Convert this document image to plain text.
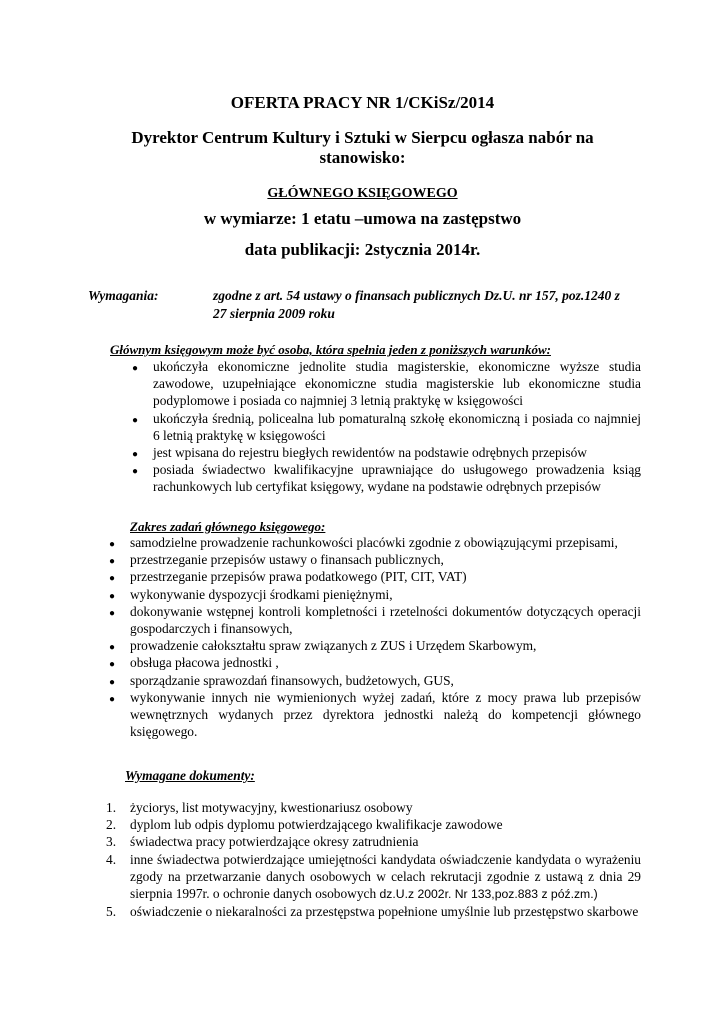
OFERTA PRACY NR 1/CKiSz/2014
Dyrektor Centrum Kultury i Sztuki w Sierpcu ogłasza nabór na
stanowisko:
GŁÓWNEGO KSIĘGOWEGO
w wymiarze: 1 etatu –umowa na zastępstwo
data publikacji: 2stycznia 2014r.
Wymagania:	zgodne z art. 54 ustawy o finansach publicznych Dz.U. nr 157, poz.1240 z 27 sierpnia 2009 roku
Głównym księgowym może być osoba, która spełnia jeden z poniższych warunków:
● ukończyła ekonomiczne jednolite studia magisterskie, ekonomiczne wyższe studia zawodowe, uzupełniające ekonomiczne studia magisterskie lub ekonomiczne studia podyplomowe i posiada co najmniej 3 letnią praktykę w księgowości
● ukończyła średnią, policealna lub pomaturalną szkołę ekonomiczną i posiada co najmniej 6 letnią praktykę w księgowości
● jest wpisana do rejestru biegłych rewidentów na podstawie odrębnych przepisów
● posiada świadectwo kwalifikacyjne uprawniające do usługowego prowadzenia ksiąg rachunkowych lub certyfikat księgowy, wydane na podstawie odrębnych przepisów
Zakres zadań głównego księgowego:
● samodzielne prowadzenie rachunkowości placówki zgodnie z obowiązującymi przepisami,
● przestrzeganie przepisów ustawy o finansach publicznych,
● przestrzeganie przepisów prawa podatkowego (PIT, CIT, VAT)
● wykonywanie dyspozycji środkami pieniężnymi,
● dokonywanie wstępnej kontroli kompletności i rzetelności dokumentów dotyczących operacji gospodarczych i finansowych,
● prowadzenie całokształtu spraw związanych z ZUS i Urzędem Skarbowym,
● obsługa płacowa jednostki ,
● sporządzanie sprawozdań finansowych, budżetowych, GUS,
● wykonywanie innych nie wymienionych wyżej zadań, które z mocy prawa lub przepisów wewnętrznych wydanych przez dyrektora jednostki należą do kompetencji głównego księgowego.
Wymagane dokumenty:
1. życiorys, list motywacyjny, kwestionariusz osobowy
2. dyplom lub odpis dyplomu potwierdzającego kwalifikacje zawodowe
3. świadectwa pracy potwierdzające okresy zatrudnienia
4. inne świadectwa potwierdzające umiejętności kandydata oświadczenie kandydata o wyrażeniu zgody na przetwarzanie danych osobowych w celach rekrutacji zgodnie z ustawą z dnia 29 sierpnia 1997r. o ochronie danych osobowych dz.U.z 2002r. Nr 133,poz.883 z póź.zm.)
5. oświadczenie o niekaralności za przestępstwa popełnione umyślnie lub przestępstwo skarbowe
